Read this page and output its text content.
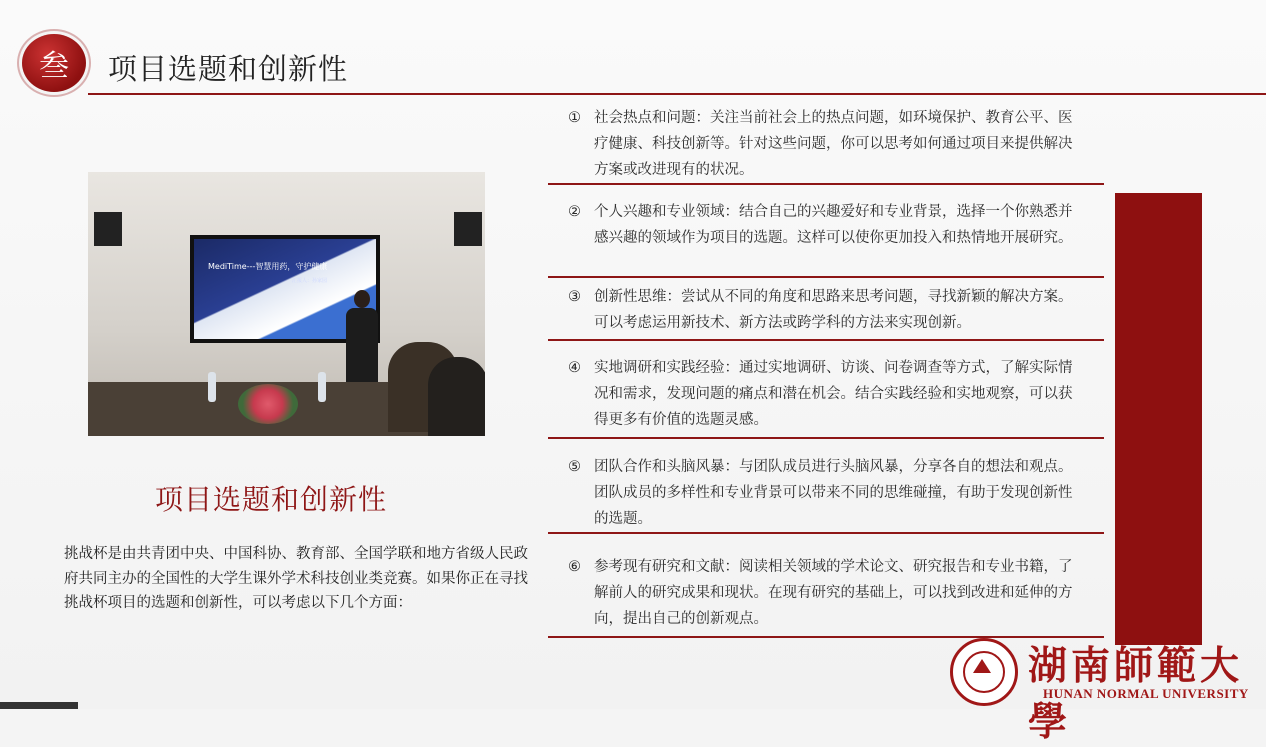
叁	项目选题和创新性
MediTime---智慧用药，守护健康
汇报人：孙家园
项目选题和创新性
挑战杯是由共青团中央、中国科协、教育部、全国学联和地方省级人民政府共同主办的全国性的大学生课外学术科技创业类竞赛。如果你正在寻找挑战杯项目的选题和创新性，可以考虑以下几个方面：
① 社会热点和问题：关注当前社会上的热点问题，如环境保护、教育公平、医疗健康、科技创新等。针对这些问题，你可以思考如何通过项目来提供解决方案或改进现有的状况。
② 个人兴趣和专业领域：结合自己的兴趣爱好和专业背景，选择一个你熟悉并感兴趣的领域作为项目的选题。这样可以使你更加投入和热情地开展研究。
③ 创新性思维：尝试从不同的角度和思路来思考问题，寻找新颖的解决方案。可以考虑运用新技术、新方法或跨学科的方法来实现创新。
④ 实地调研和实践经验：通过实地调研、访谈、问卷调查等方式，了解实际情况和需求，发现问题的痛点和潜在机会。结合实践经验和实地观察，可以获得更多有价值的选题灵感。
⑤ 团队合作和头脑风暴：与团队成员进行头脑风暴，分享各自的想法和观点。团队成员的多样性和专业背景可以带来不同的思维碰撞，有助于发现创新性的选题。
⑥ 参考现有研究和文献：阅读相关领域的学术论文、研究报告和专业书籍，了解前人的研究成果和现状。在现有研究的基础上，可以找到改进和延伸的方向，提出自己的创新观点。
湖南師範大學
HUNAN NORMAL UNIVERSITY
